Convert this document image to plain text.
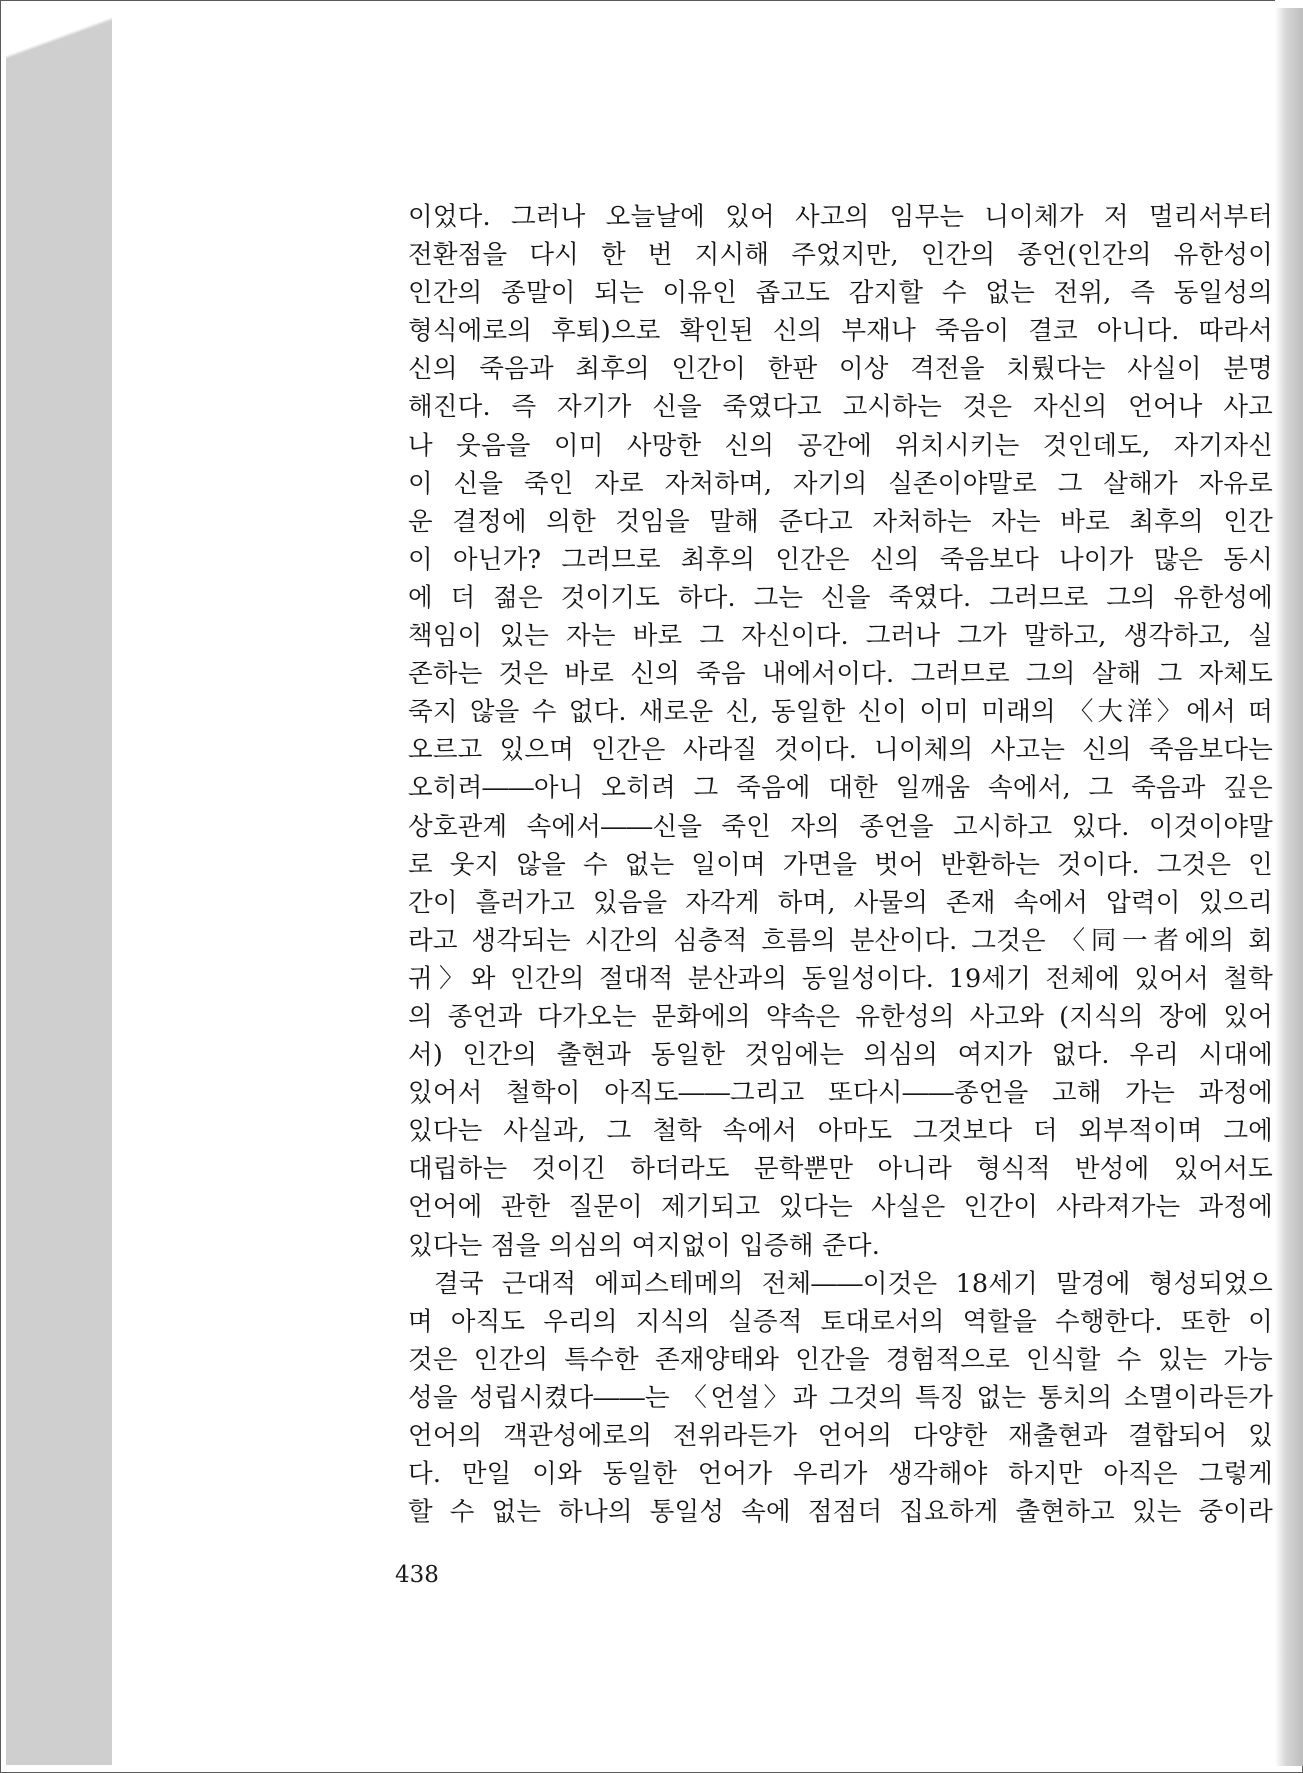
이었다. 그러나 오늘날에 있어 사고의 임무는 니이체가 저 멀리서부터
전환점을 다시 한 번 지시해 주었지만, 인간의 종언(인간의 유한성이
인간의 종말이 되는 이유인 좁고도 감지할 수 없는 전위, 즉 동일성의
형식에로의 후퇴)으로 확인된 신의 부재나 죽음이 결코 아니다. 따라서
신의 죽음과 최후의 인간이 한판 이상 격전을 치뤘다는 사실이 분명
해진다. 즉 자기가 신을 죽였다고 고시하는 것은 자신의 언어나 사고
나 웃음을 이미 사망한 신의 공간에 위치시키는 것인데도, 자기자신
이 신을 죽인 자로 자처하며, 자기의 실존이야말로 그 살해가 자유로
운 결정에 의한 것임을 말해 준다고 자처하는 자는 바로 최후의 인간
이 아닌가? 그러므로 최후의 인간은 신의 죽음보다 나이가 많은 동시
에 더 젊은 것이기도 하다. 그는 신을 죽였다. 그러므로 그의 유한성에
책임이 있는 자는 바로 그 자신이다. 그러나 그가 말하고, 생각하고, 실
존하는 것은 바로 신의 죽음 내에서이다. 그러므로 그의 살해 그 자체도
죽지 않을 수 없다. 새로운 신, 동일한 신이 이미 미래의 〈大洋〉에서 떠
오르고 있으며 인간은 사라질 것이다. 니이체의 사고는 신의 죽음보다는
오히려――아니 오히려 그 죽음에 대한 일깨움 속에서, 그 죽음과 깊은
상호관계 속에서――신을 죽인 자의 종언을 고시하고 있다. 이것이야말
로 웃지 않을 수 없는 일이며 가면을 벗어 반환하는 것이다. 그것은 인
간이 흘러가고 있음을 자각게 하며, 사물의 존재 속에서 압력이 있으리
라고 생각되는 시간의 심층적 흐름의 분산이다. 그것은 〈同一者에의 회
귀〉와 인간의 절대적 분산과의 동일성이다. 19세기 전체에 있어서 철학
의 종언과 다가오는 문화에의 약속은 유한성의 사고와 (지식의 장에 있어
서) 인간의 출현과 동일한 것임에는 의심의 여지가 없다. 우리 시대에
있어서 철학이 아직도――그리고 또다시――종언을 고해 가는 과정에
있다는 사실과, 그 철학 속에서 아마도 그것보다 더 외부적이며 그에
대립하는 것이긴 하더라도 문학뿐만 아니라 형식적 반성에 있어서도
언어에 관한 질문이 제기되고 있다는 사실은 인간이 사라져가는 과정에
있다는 점을 의심의 여지없이 입증해 준다.
결국 근대적 에피스테메의 전체――이것은 18세기 말경에 형성되었으
며 아직도 우리의 지식의 실증적 토대로서의 역할을 수행한다. 또한 이
것은 인간의 특수한 존재양태와 인간을 경험적으로 인식할 수 있는 가능
성을 성립시켰다――는 〈언설〉과 그것의 특징 없는 통치의 소멸이라든가
언어의 객관성에로의 전위라든가 언어의 다양한 재출현과 결합되어 있
다. 만일 이와 동일한 언어가 우리가 생각해야 하지만 아직은 그렇게
할 수 없는 하나의 통일성 속에 점점더 집요하게 출현하고 있는 중이라
438
